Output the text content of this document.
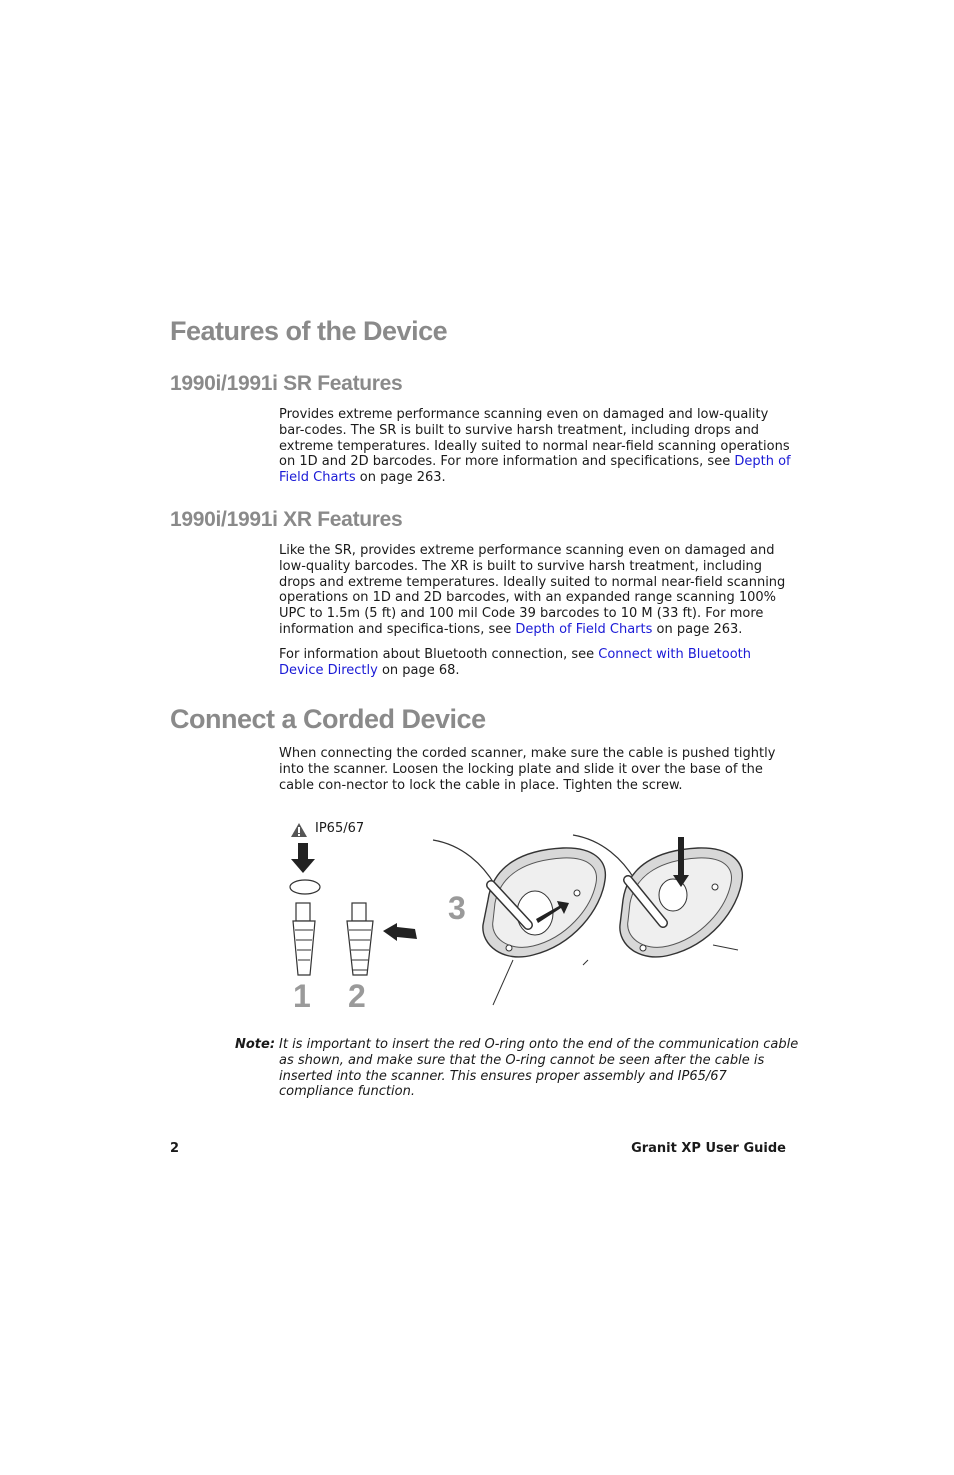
Features of the Device
1990i/1991i SR Features

Provides extreme performance scanning even on damaged and low-quality bar-codes. The SR is built to survive harsh treatment, including drops and extreme temperatures. Ideally suited to normal near-field scanning operations on 1D and 2D barcodes. For more information and specifications, see Depth of Field Charts on page 263.

1990i/1991i XR Features

Like the SR, provides extreme performance scanning even on damaged and low-quality barcodes. The XR is built to survive harsh treatment, including drops and extreme temperatures. Ideally suited to normal near-field scanning operations on 1D and 2D barcodes, with an expanded range scanning 100% UPC to 1.5m (5 ft) and 100 mil Code 39 barcodes to 10 M (33 ft). For more information and specifica-tions, see Depth of Field Charts on page 263.

For information about Bluetooth connection, see Connect with Bluetooth Device Directly on page 68.

Connect a Corded Device

When connecting the corded scanner, make sure the cable is pushed tightly into the scanner. Loosen the locking plate and slide it over the base of the cable con-nector to lock the cable in place. Tighten the screw.

IP65/67
1 2
3
Note: It is important to insert the red O-ring onto the end of the communication cable as shown, and make sure that the O-ring cannot be seen after the cable is inserted into the scanner. This ensures proper assembly and IP65/67 compliance function.

2	Granit XP User Guide
